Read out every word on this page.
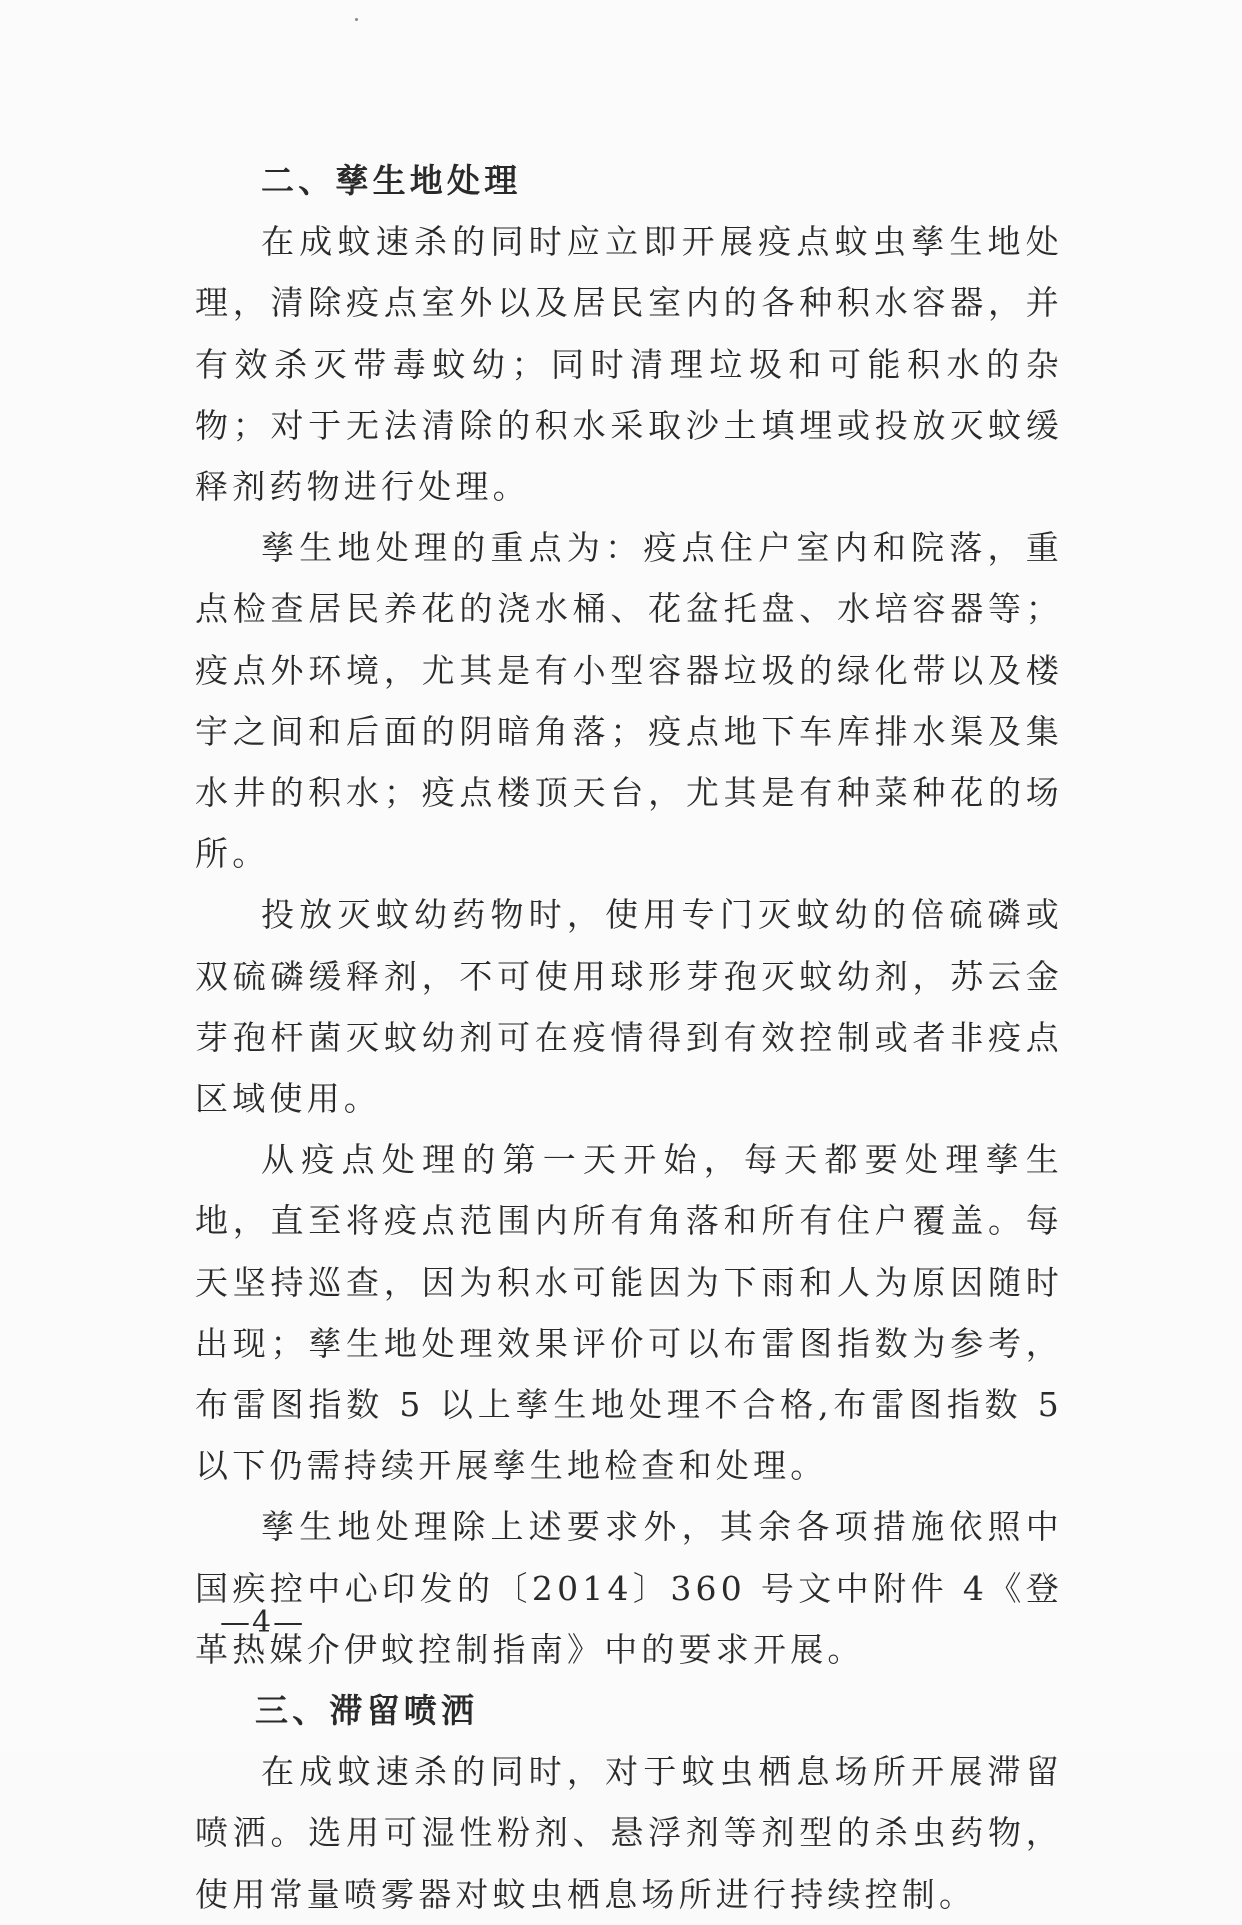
二、孳生地处理

在成蚊速杀的同时应立即开展疫点蚊虫孳生地处理，清除疫点室外以及居民室内的各种积水容器，并有效杀灭带毒蚊幼；同时清理垃圾和可能积水的杂物；对于无法清除的积水采取沙土填埋或投放灭蚊缓释剂药物进行处理。

孳生地处理的重点为：疫点住户室内和院落，重点检查居民养花的浇水桶、花盆托盘、水培容器等；疫点外环境，尤其是有小型容器垃圾的绿化带以及楼宇之间和后面的阴暗角落；疫点地下车库排水渠及集水井的积水；疫点楼顶天台，尤其是有种菜种花的场所。

投放灭蚊幼药物时，使用专门灭蚊幼的倍硫磷或双硫磷缓释剂，不可使用球形芽孢灭蚊幼剂，苏云金芽孢杆菌灭蚊幼剂可在疫情得到有效控制或者非疫点区域使用。

从疫点处理的第一天开始，每天都要处理孳生地，直至将疫点范围内所有角落和所有住户覆盖。每天坚持巡查，因为积水可能因为下雨和人为原因随时出现；孳生地处理效果评价可以布雷图指数为参考，布雷图指数 5 以上孳生地处理不合格,布雷图指数 5 以下仍需持续开展孳生地检查和处理。

孳生地处理除上述要求外，其余各项措施依照中国疾控中心印发的〔2014〕360 号文中附件 4《登革热媒介伊蚊控制指南》中的要求开展。

三、滞留喷洒

在成蚊速杀的同时，对于蚊虫栖息场所开展滞留喷洒。选用可湿性粉剂、悬浮剂等剂型的杀虫药物，使用常量喷雾器对蚊虫栖息场所进行持续控制。

—4—
